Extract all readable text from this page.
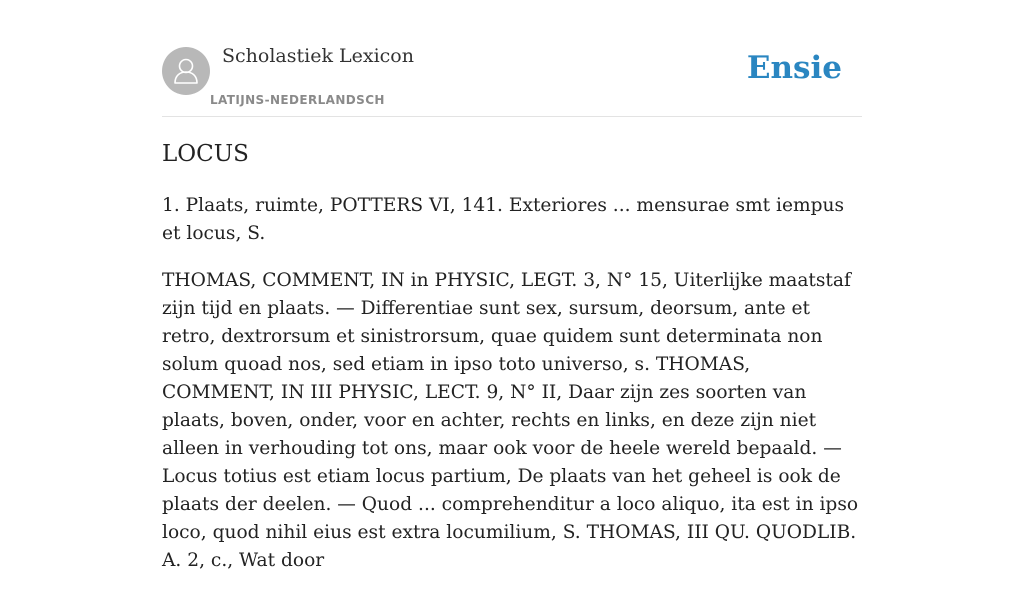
Scholastiek Lexicon
LATIJNS-NEDERLANDSCH
Ensie
LOCUS

1. Plaats, ruimte, POTTERS VI, 141. Exteriores ... mensurae smt iempus et locus, S.

THOMAS, COMMENT, IN in PHYSIC, LEGT. 3, N° 15, Uiterlijke maatstaf zijn tijd en plaats. — Differentiae sunt sex, sursum, deorsum, ante et retro, dextrorsum et sinistrorsum, quae quidem sunt determinata non solum quoad nos, sed etiam in ipso toto universo, s. THOMAS, COMMENT, IN III PHYSIC, LECT. 9, N° II, Daar zijn zes soorten van plaats, boven, onder, voor en achter, rechts en links, en deze zijn niet alleen in verhouding tot ons, maar ook voor de heele wereld bepaald. — Locus totius est etiam locus partium, De plaats van het geheel is ook de plaats der deelen. — Quod ... comprehenditur a loco aliquo, ita est in ipso loco, quod nihil eius est extra locumilium, S. THOMAS, III QU. QUODLIB. A. 2, c., Wat door
